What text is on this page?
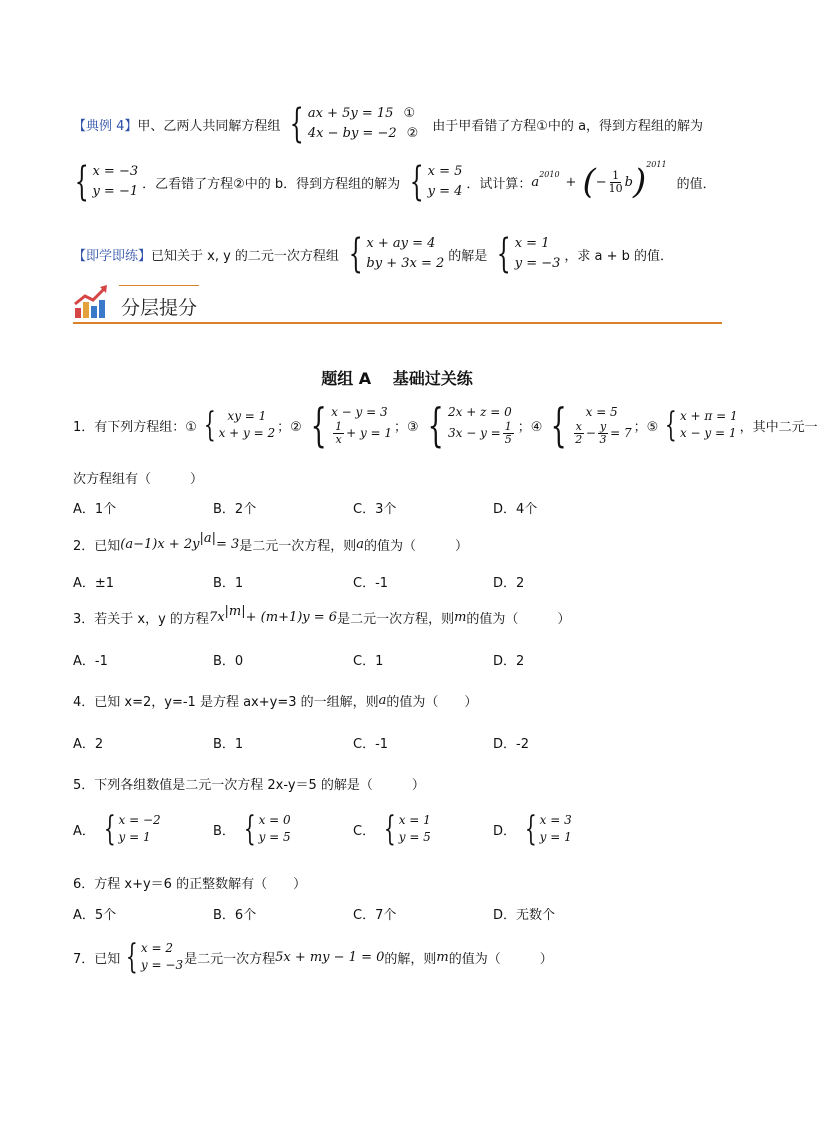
【典例 4】 甲、乙两人共同解方程组 { ax + 5y = 15 ①
4x − by = −2 ② 由于甲看错了方程①中的 a，得到方程组的解为
{ x = −3
y = −1 ．乙看错了方程②中的 b．得到方程组的解为 { x = 5
y = 4 ．试计算： a
$^{2010}$
+ ( − $\frac{1}{10}$ b )$^{2011}$
的值．
【即学即练】 已知关于 x, y 的二元一次方程组 { x + ay = 4
by + 3x = 2 的解是 { x = 1
y = −3 ，求 a + b 的值．
分层提分
题组 A　 基础过关练
1．有下列方程组：① { xy = 1
x + y = 2 ；② { x − y = 3
$\frac{1}{x} + y = 1$ ；③ { 2x + z = 0
$3x - y = \frac{1}{5}$ ；④ {	x = 5
$\frac{x}{2} - \frac{y}{3} = 7$ ；⑤ { x + π = 1
x − y = 1 ，其中二元一
次方程组有（　　　）
A．1个	B．2个	C．3个	D．4个
2．已知 $(a-1)x + 2y^{|a|} = 3$ 是二元一次方程，则 a 的值为（　　　）
A．±1	B．1	C．-1	D．2
3．若关于 x，y 的方程 $7x^{|m|} + (m+1)y = 6$ 是二元一次方程，则 m 的值为（　　　）
A．-1	B．0	C．1	D．2
4．已知 x=2，y=-1 是方程 ax+y=3 的一组解，则 a 的值为（　　）
A．2	B．1	C．-1	D．-2
5．下列各组数值是二元一次方程 2x-y＝5 的解是（　　　）
A． { x = −2
y = 1	B． { x = 0
y = 5	C． { x = 1
y = 5	D． { x = 3
y = 1
6．方程 x+y＝6 的正整数解有（　　）
A．5个	B．6个	C．7个	D．无数个
7．已知 { x = 2
y = −3 是二元一次方程 5x + my − 1 = 0 的解，则 m 的值为（　　　）
